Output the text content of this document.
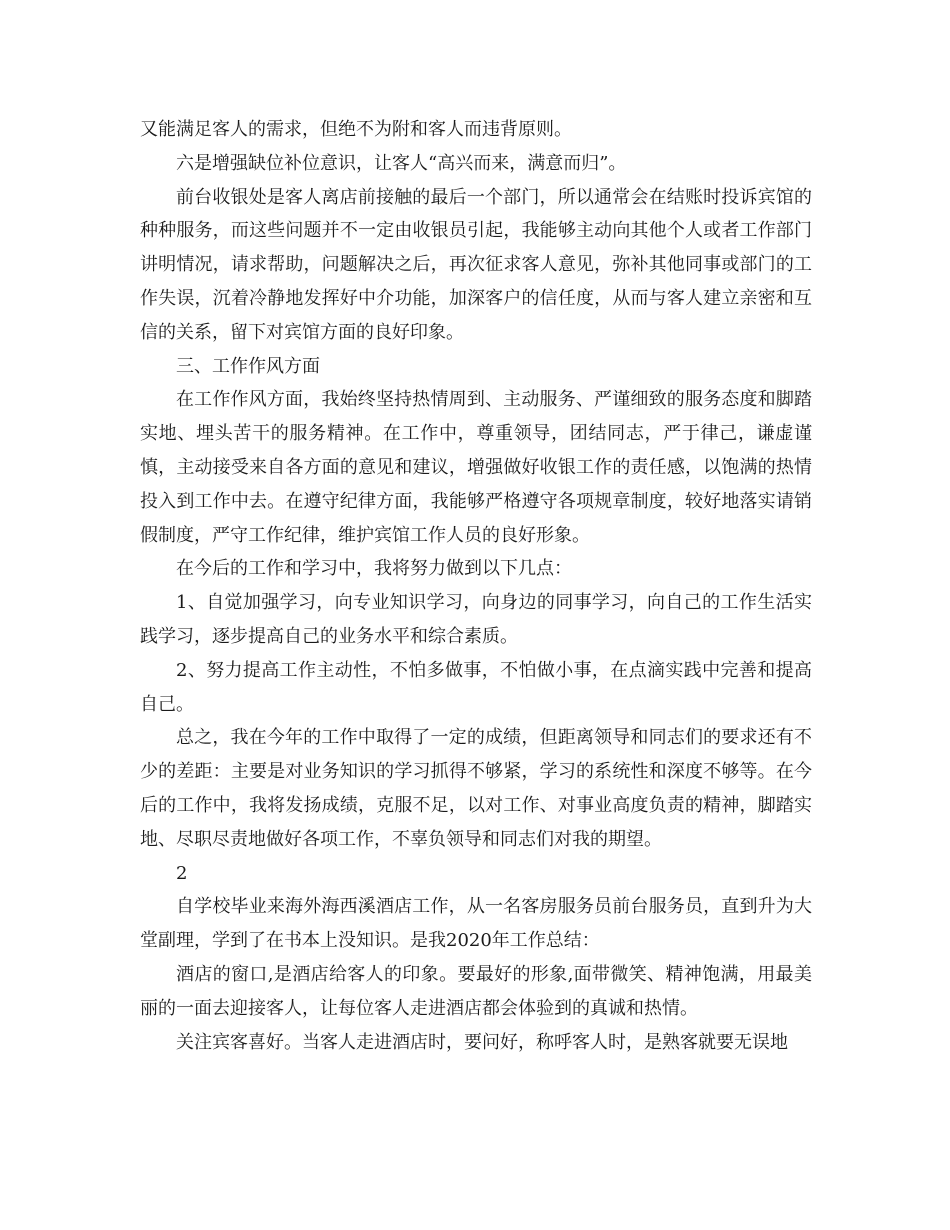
又能满足客人的需求，但绝不为附和客人而违背原则。

六是增强缺位补位意识，让客人“高兴而来，满意而归”。

前台收银处是客人离店前接触的最后一个部门，所以通常会在结账时投诉宾馆的种种服务，而这些问题并不一定由收银员引起，我能够主动向其他个人或者工作部门讲明情况，请求帮助，问题解决之后，再次征求客人意见，弥补其他同事或部门的工作失误，沉着冷静地发挥好中介功能，加深客户的信任度，从而与客人建立亲密和互信的关系，留下对宾馆方面的良好印象。

三、工作作风方面

在工作作风方面，我始终坚持热情周到、主动服务、严谨细致的服务态度和脚踏实地、埋头苦干的服务精神。在工作中，尊重领导，团结同志，严于律己，谦虚谨慎，主动接受来自各方面的意见和建议，增强做好收银工作的责任感，以饱满的热情投入到工作中去。在遵守纪律方面，我能够严格遵守各项规章制度，较好地落实请销假制度，严守工作纪律，维护宾馆工作人员的良好形象。

在今后的工作和学习中，我将努力做到以下几点：

1、自觉加强学习，向专业知识学习，向身边的同事学习，向自己的工作生活实践学习，逐步提高自己的业务水平和综合素质。

2、努力提高工作主动性，不怕多做事，不怕做小事，在点滴实践中完善和提高自己。

总之，我在今年的工作中取得了一定的成绩，但距离领导和同志们的要求还有不少的差距：主要是对业务知识的学习抓得不够紧，学习的系统性和深度不够等。在今后的工作中，我将发扬成绩，克服不足，以对工作、对事业高度负责的精神，脚踏实地、尽职尽责地做好各项工作，不辜负领导和同志们对我的期望。

2

自学校毕业来海外海西溪酒店工作，从一名客房服务员前台服务员，直到升为大堂副理，学到了在书本上没知识。是我2020年工作总结：

酒店的窗口,是酒店给客人的印象。要最好的形象,面带微笑、精神饱满，用最美丽的一面去迎接客人，让每位客人走进酒店都会体验到的真诚和热情。

关注宾客喜好。当客人走进酒店时，要问好，称呼客人时，是熟客就要无误地
